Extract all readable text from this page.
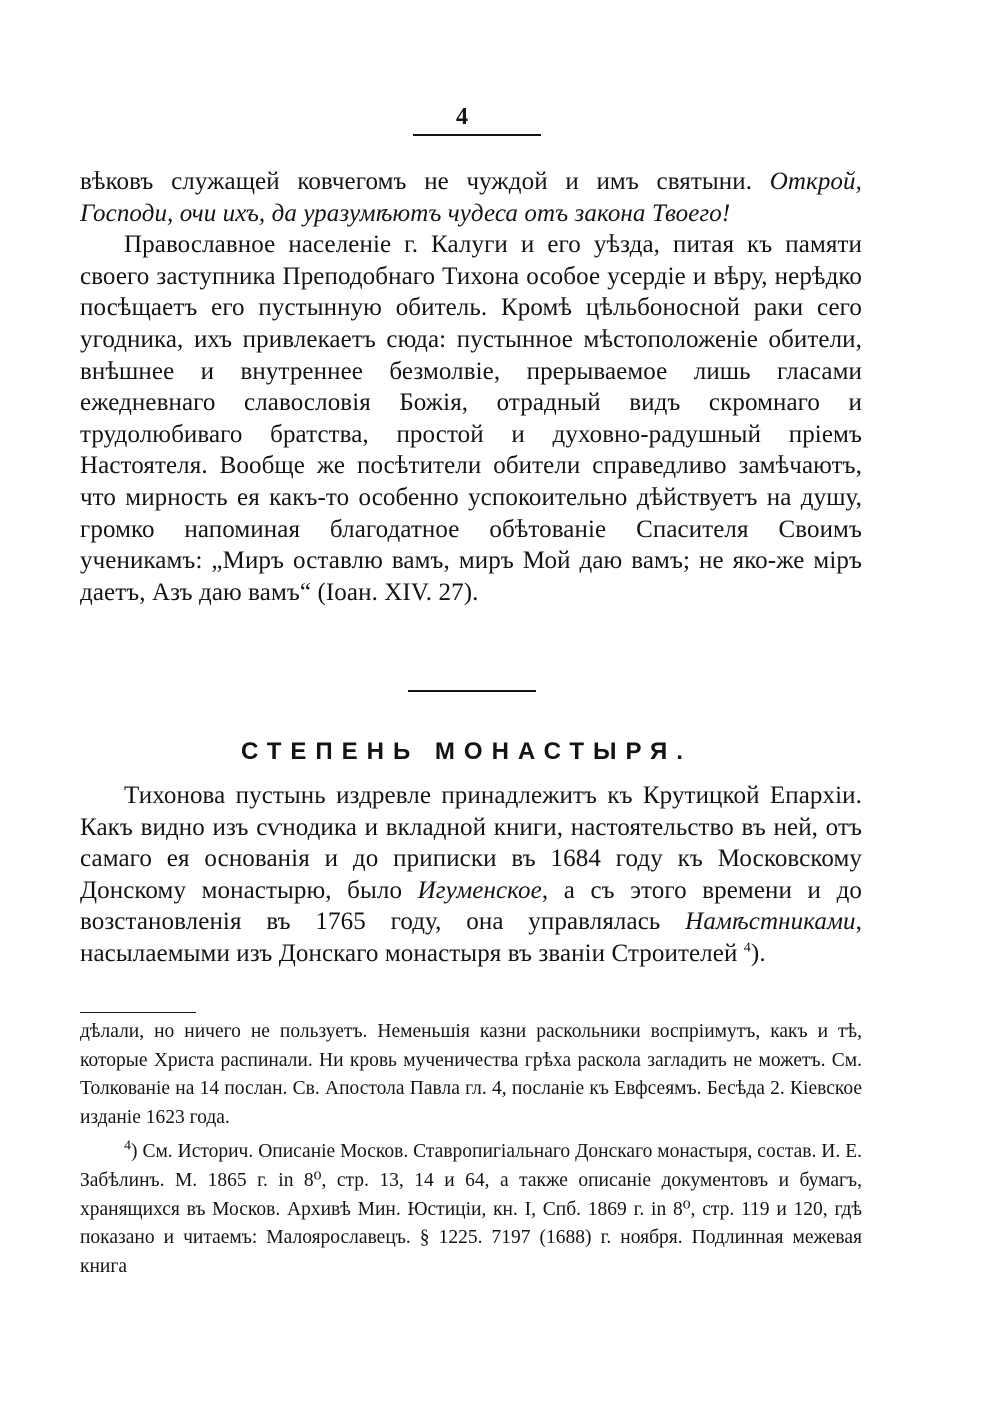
4

вѣковъ служащей ковчегомъ не чуждой и имъ святыни. Открой, Господи, очи ихъ, да уразумѣютъ чудеса отъ закона Твоего!

Православное населеніе г. Калуги и его уѣзда, питая къ памяти своего заступника Преподобнаго Тихона особое усердіе и вѣру, нерѣдко посѣщаетъ его пустынную обитель. Кромѣ цѣльбоносной раки сего угодника, ихъ привлекаетъ сюда: пустынное мѣстоположеніе обители, внѣшнее и внутреннее безмолвіе, прерываемое лишь гласами ежедневнаго славословія Божія, отрадный видъ скромнаго и трудолюбиваго братства, простой и духовно-радушный пріемъ Настоятеля. Вообще же посѣтители обители справедливо замѣчаютъ, что мирность ея какъ-то особенно успокоительно дѣйствуетъ на душу, громко напоминая благодатное обѣтованіе Спасителя Своимъ ученикамъ: „Миръ оставлю вамъ, миръ Мой даю вамъ; не яко-же міръ даетъ, Азъ даю вамъ“ (Іоан. XIV. 27).

СТЕПЕНЬ МОНАСТЫРЯ.

Тихонова пустынь издревле принадлежитъ къ Крутицкой Епархіи. Какъ видно изъ сѵнодика и вкладной книги, настоятельство въ ней, отъ самаго ея основанія и до приписки въ 1684 году къ Московскому Донскому монастырю, было Игуменское, а съ этого времени и до возстановленія въ 1765 году, она управлялась Намѣстниками, насылаемыми изъ Донскаго монастыря въ званіи Строителей $^4$).

дѣлали, но ничего не пользуетъ. Неменьшія казни раскольники воспріимутъ, какъ и тѣ, которые Христа распинали. Ни кровь мученичества грѣха раскола загладить не можетъ. См. Толкованіе на 14 послан. Св. Апостола Павла гл. 4, посланіе къ Евфсеямъ. Бесѣда 2. Кіевское изданіе 1623 года.

$^4$) См. Историч. Описаніе Москов. Ставропигіальнаго Донскаго монастыря, состав. И. Е. Забѣлинъ. М. 1865 г. in 8⁰, стр. 13, 14 и 64, а также описаніе документовъ и бумагъ, хранящихся въ Москов. Архивѣ Мин. Юстиціи, кн. I, Спб. 1869 г. in 8⁰, стр. 119 и 120, гдѣ показано и читаемъ: Малоярославецъ. § 1225. 7197 (1688) г. ноября. Подлинная межевая книга
